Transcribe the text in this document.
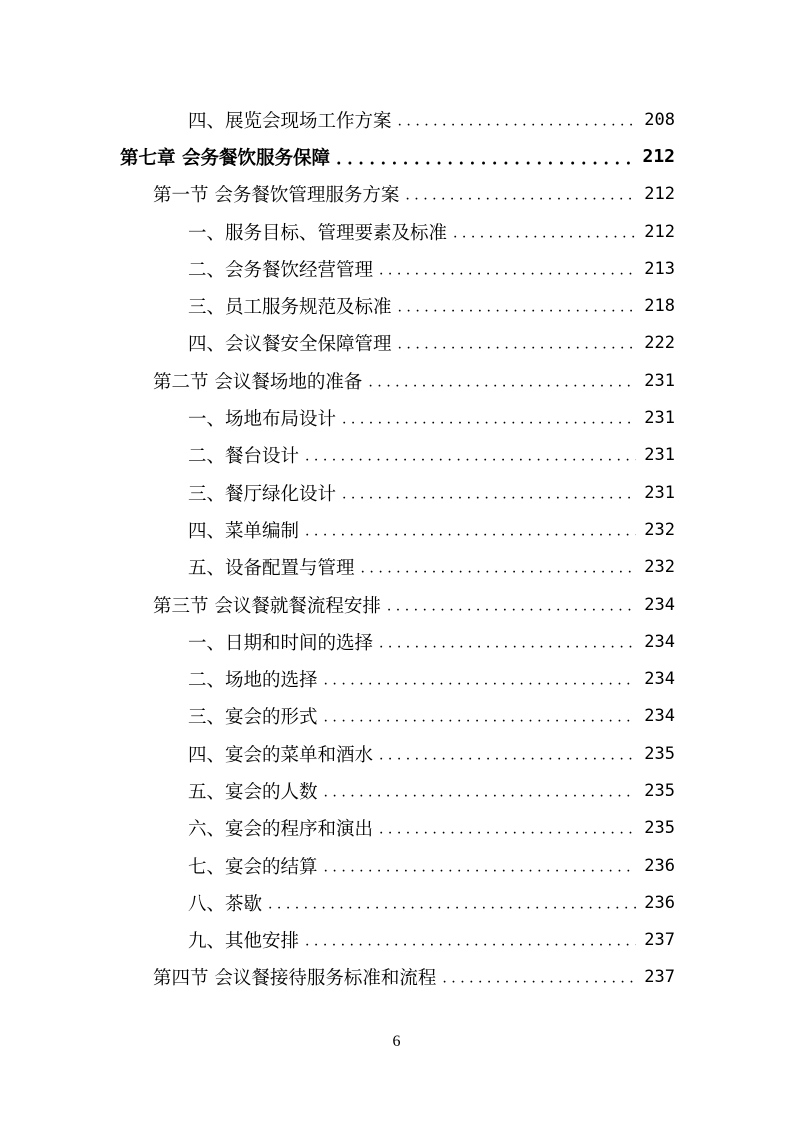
四、展览会现场工作方案 . . .	208
第七章 会务餐饮服务保障 . . .	212
第一节 会务餐饮管理服务方案 . . .	212
一、服务目标、管理要素及标准 . . .	212
二、会务餐饮经营管理 . . .	213
三、员工服务规范及标准 . . .	218
四、会议餐安全保障管理 . . .	222
第二节 会议餐场地的准备 . . .	231
一、场地布局设计 . . .	231
二、餐台设计 . . .	231
三、餐厅绿化设计 . . .	231
四、菜单编制 . . .	232
五、设备配置与管理 . . .	232
第三节 会议餐就餐流程安排 . . .	234
一、日期和时间的选择 . . .	234
二、场地的选择 . . .	234
三、宴会的形式 . . .	234
四、宴会的菜单和酒水 . . .	235
五、宴会的人数 . . .	235
六、宴会的程序和演出 . . .	235
七、宴会的结算 . . .	236
八、茶歇 . . .	236
九、其他安排 . . .	237
第四节 会议餐接待服务标准和流程 . . .	237
6
